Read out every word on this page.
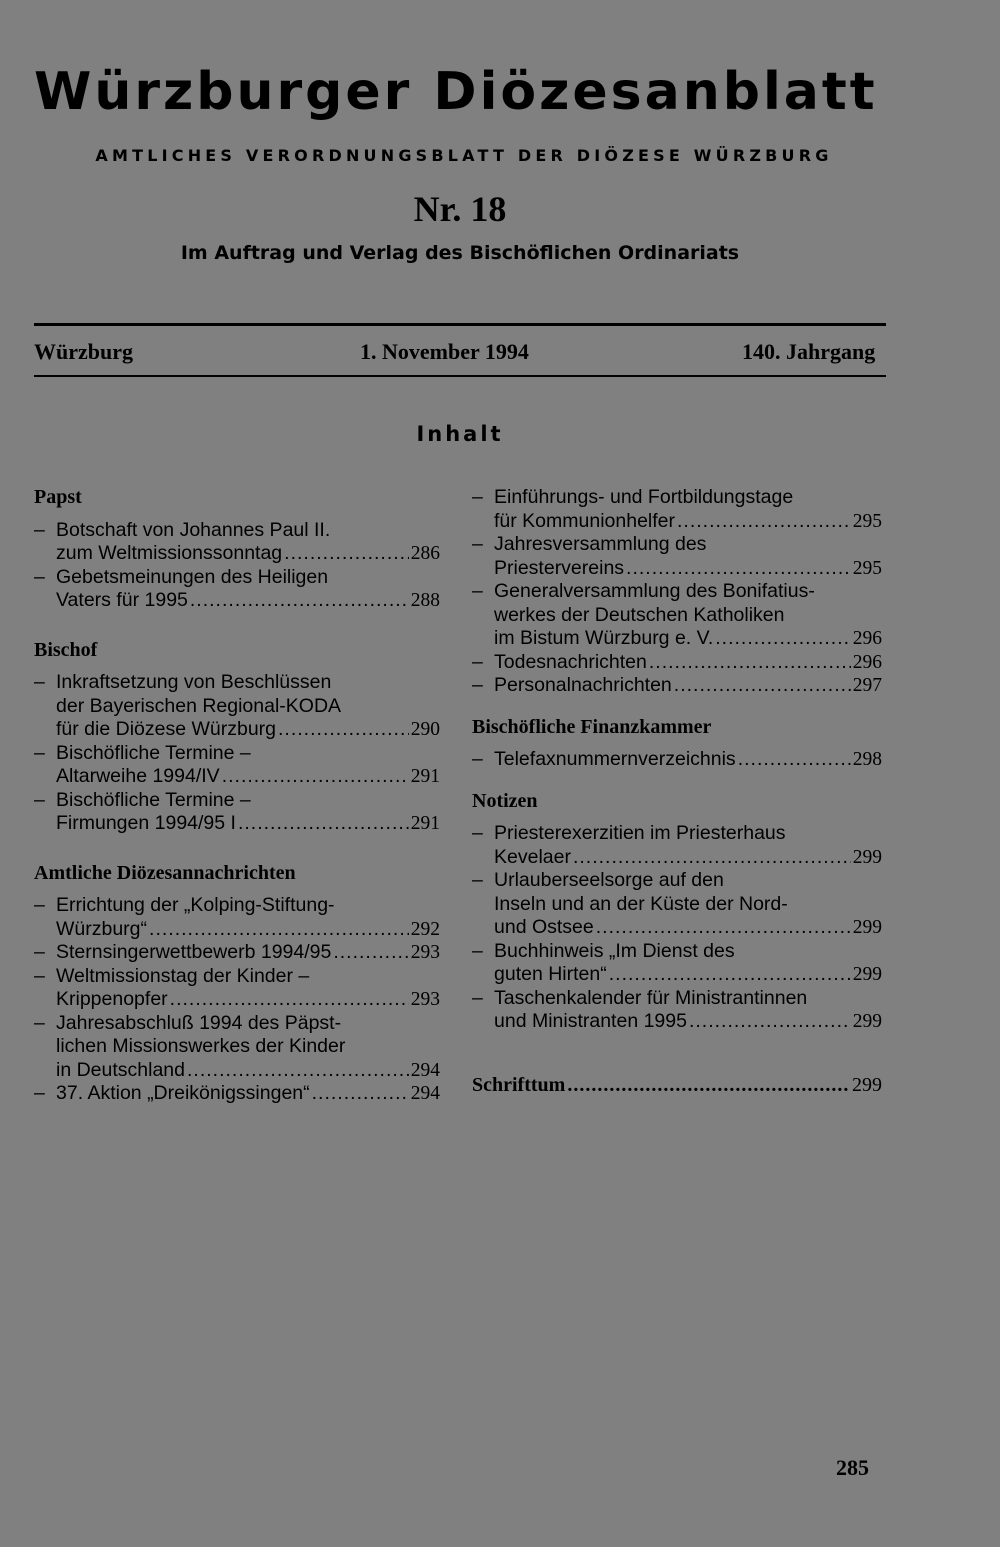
Würzburger Diözesanblatt
AMTLICHES VERORDNUNGSBLATT DER DIÖZESE WÜRZBURG
Nr. 18
Im Auftrag und Verlag des Bischöflichen Ordinariats
Würzburg	1. November 1994	140. Jahrgang
Inhalt
Papst
– Botschaft von Johannes Paul II.
zum Weltmissionssonntag .....	286
– Gebetsmeinungen des Heiligen
Vaters für 1995 .....	288
Bischof
– Inkraftsetzung von Beschlüssen
der Bayerischen Regional-KODA
für die Diözese Würzburg .....	290
– Bischöfliche Termine –
Altarweihe 1994/IV .....	291
– Bischöfliche Termine –
Firmungen 1994/95 I .....	291
Amtliche Diözesannachrichten
– Errichtung der „Kolping-Stiftung-
Würzburg“ .....	292
– Sternsingerwettbewerb 1994/95 .....	293
– Weltmissionstag der Kinder –
Krippenopfer .....	293
– Jahresabschluß 1994 des Päpst-
lichen Missionswerkes der Kinder
in Deutschland .....	294
– 37. Aktion „Dreikönigssingen“ .....	294
– Einführungs- und Fortbildungstage
für Kommunionhelfer .....	295
– Jahresversammlung des
Priestervereins .....	295
– Generalversammlung des Bonifatius-
werkes der Deutschen Katholiken
im Bistum Würzburg e. V. .....	296
– Todesnachrichten .....	296
– Personalnachrichten .....	297
Bischöfliche Finanzkammer
– Telefaxnummernverzeichnis .....	298
Notizen
– Priesterexerzitien im Priesterhaus
Kevelaer .....	299
– Urlauberseelsorge auf den
Inseln und an der Küste der Nord-
und Ostsee .....	299
– Buchhinweis „Im Dienst des
guten Hirten“ .....	299
– Taschenkalender für Ministrantinnen
und Ministranten 1995 .....	299
Schrifttum .....	299
285
